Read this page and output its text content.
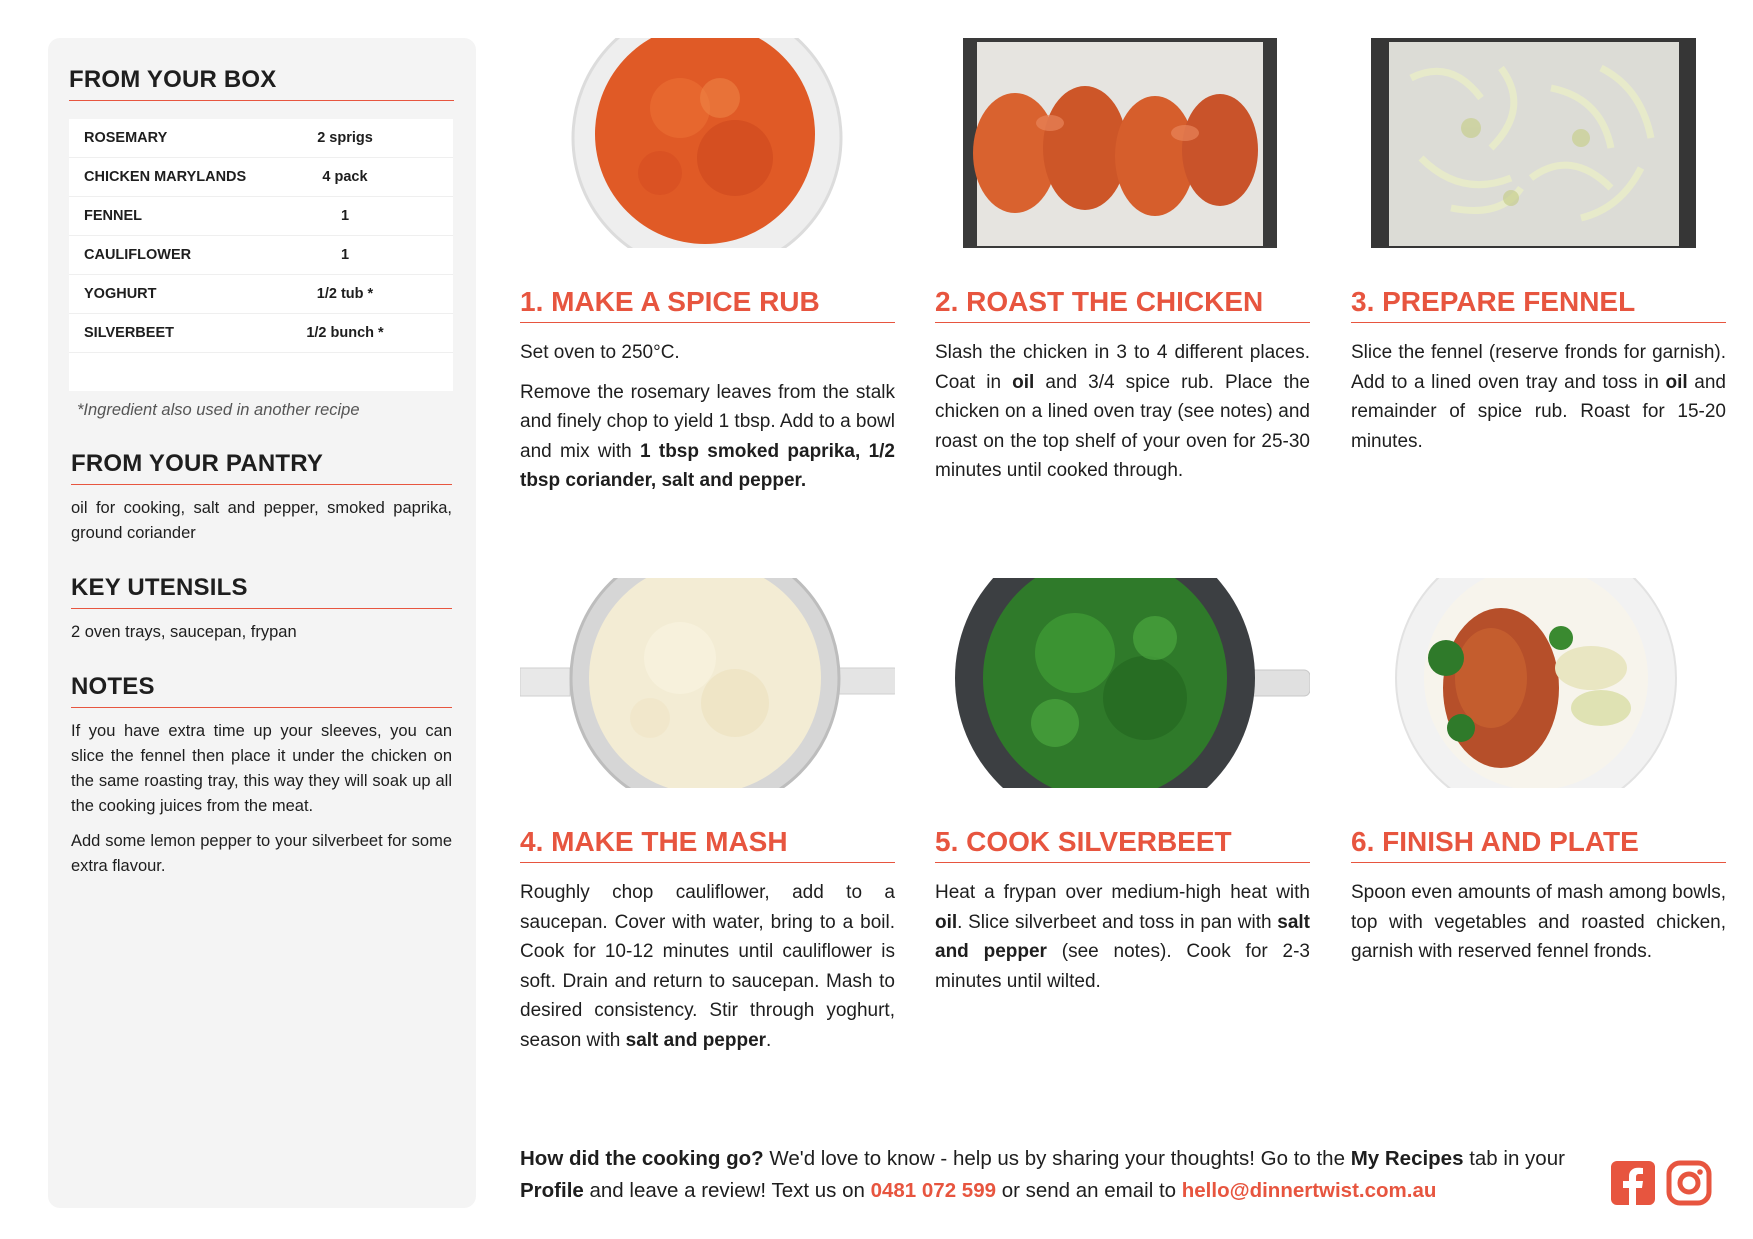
FROM YOUR BOX
ROSEMARY	2 sprigs
CHICKEN MARYLANDS	4 pack
FENNEL	1
CAULIFLOWER	1
YOGHURT	1/2 tub *
SILVERBEET	1/2 bunch *
*Ingredient also used in another recipe
FROM YOUR PANTRY

oil for cooking, salt and pepper, smoked paprika, ground coriander

KEY UTENSILS

2 oven trays, saucepan, frypan

NOTES

If you have extra time up your sleeves, you can slice the fennel then place it under the chicken on the same roasting tray, this way they will soak up all the cooking juices from the meat.

Add some lemon pepper to your silverbeet for some extra flavour.

1. MAKE A SPICE RUB

Set oven to 250°C.

Remove the rosemary leaves from the stalk and finely chop to yield 1 tbsp. Add to a bowl and mix with 1 tbsp smoked paprika, 1/2 tbsp coriander, salt and pepper.

2. ROAST THE CHICKEN

Slash the chicken in 3 to 4 different places. Coat in oil and 3/4 spice rub. Place the chicken on a lined oven tray (see notes) and roast on the top shelf of your oven for 25-30 minutes until cooked through.

3. PREPARE FENNEL

Slice the fennel (reserve fronds for garnish). Add to a lined oven tray and toss in oil and remainder of spice rub. Roast for 15-20 minutes.

4. MAKE THE MASH

Roughly chop cauliflower, add to a saucepan. Cover with water, bring to a boil. Cook for 10-12 minutes until cauliflower is soft. Drain and return to saucepan. Mash to desired consistency. Stir through yoghurt, season with salt and pepper.

5. COOK SILVERBEET

Heat a frypan over medium-high heat with oil. Slice silverbeet and toss in pan with salt and pepper (see notes). Cook for 2-3 minutes until wilted.

6. FINISH AND PLATE

Spoon even amounts of mash among bowls, top with vegetables and roasted chicken, garnish with reserved fennel fronds.

How did the cooking go? We'd love to know - help us by sharing your thoughts! Go to the My Recipes tab in your Profile and leave a review! Text us on 0481 072 599 or send an email to hello@dinnertwist.com.au
